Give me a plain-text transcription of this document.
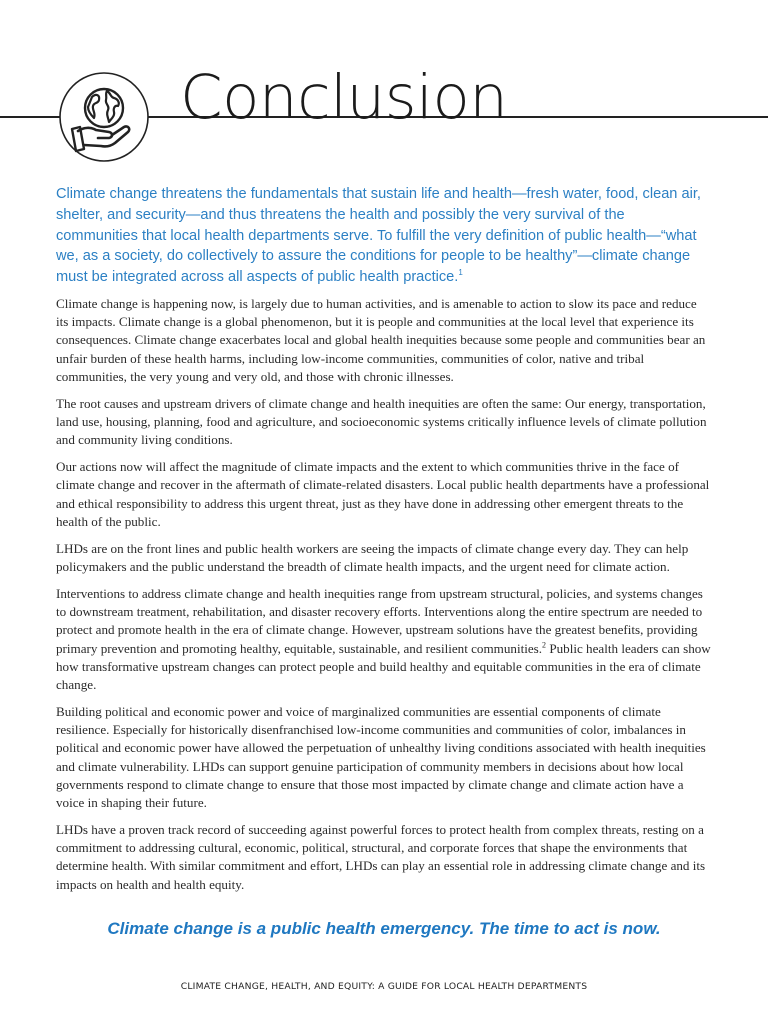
Conclusion

Climate change threatens the fundamentals that sustain life and health—fresh water, food, clean air, shelter, and security—and thus threatens the health and possibly the very survival of the communities that local health departments serve. To fulfill the very definition of public health—“what we, as a society, do collectively to assure the conditions for people to be healthy”—climate change must be integrated across all aspects of public health practice.$^1$

Climate change is happening now, is largely due to human activities, and is amenable to action to slow its pace and reduce its impacts. Climate change is a global phenomenon, but it is people and communities at the local level that experience its consequences. Climate change exacerbates local and global health inequities because some people and communities bear an unfair burden of these health harms, including low-income communities, communities of color, native and tribal communities, the very young and very old, and those with chronic illnesses.

The root causes and upstream drivers of climate change and health inequities are often the same: Our energy, transportation, land use, housing, planning, food and agriculture, and socioeconomic systems critically influence levels of climate pollution and community living conditions.

Our actions now will affect the magnitude of climate impacts and the extent to which communities thrive in the face of climate change and recover in the aftermath of climate-related disasters. Local public health departments have a professional and ethical responsibility to address this urgent threat, just as they have done in addressing other emergent threats to the health of the public.

LHDs are on the front lines and public health workers are seeing the impacts of climate change every day. They can help policymakers and the public understand the breadth of climate health impacts, and the urgent need for climate action.

Interventions to address climate change and health inequities range from upstream structural, policies, and systems changes to downstream treatment, rehabilitation, and disaster recovery efforts. Interventions along the entire spectrum are needed to protect and promote health in the era of climate change. However, upstream solutions have the greatest benefits, providing primary prevention and promoting healthy, equitable, sustainable, and resilient communities.$^2$ Public health leaders can show how transformative upstream changes can protect people and build healthy and equitable communities in the era of climate change.

Building political and economic power and voice of marginalized communities are essential components of climate resilience. Especially for historically disenfranchised low-income communities and communities of color, imbalances in political and economic power have allowed the perpetuation of unhealthy living conditions associated with health inequities and climate vulnerability. LHDs can support genuine participation of community members in decisions about how local governments respond to climate change to ensure that those most impacted by climate change and climate action have a voice in shaping their future.

LHDs have a proven track record of succeeding against powerful forces to protect health from complex threats, resting on a commitment to addressing cultural, economic, political, structural, and corporate forces that shape the environments that determine health. With similar commitment and effort, LHDs can play an essential role in addressing climate change and its impacts on health and health equity.

Climate change is a public health emergency. The time to act is now.

CLIMATE CHANGE, HEALTH, AND EQUITY: A GUIDE FOR LOCAL HEALTH DEPARTMENTS
